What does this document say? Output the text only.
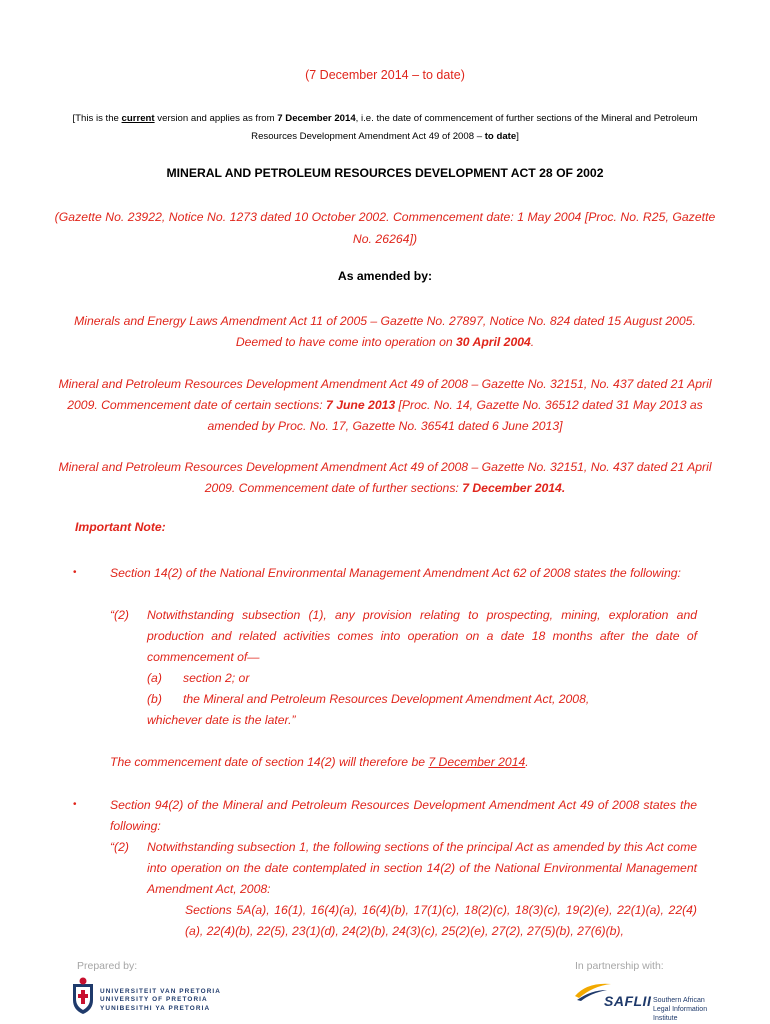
(7 December 2014 – to date)
[This is the current version and applies as from 7 December 2014, i.e. the date of commencement of further sections of the Mineral and Petroleum Resources Development Amendment Act 49 of 2008 – to date]
MINERAL AND PETROLEUM RESOURCES DEVELOPMENT ACT 28 OF 2002
(Gazette No. 23922, Notice No. 1273 dated 10 October 2002. Commencement date: 1 May 2004 [Proc. No. R25, Gazette No. 26264])
As amended by:
Minerals and Energy Laws Amendment Act 11 of 2005 – Gazette No. 27897, Notice No. 824 dated 15 August 2005. Deemed to have come into operation on 30 April 2004.
Mineral and Petroleum Resources Development Amendment Act 49 of 2008 – Gazette No. 32151, No. 437 dated 21 April 2009. Commencement date of certain sections: 7 June 2013 [Proc. No. 14, Gazette No. 36512 dated 31 May 2013 as amended by Proc. No. 17, Gazette No. 36541 dated 6 June 2013]
Mineral and Petroleum Resources Development Amendment Act 49 of 2008 – Gazette No. 32151, No. 437 dated 21 April 2009. Commencement date of further sections: 7 December 2014.
Important Note:
•	Section 14(2) of the National Environmental Management Amendment Act 62 of 2008 states the following:
“(2) Notwithstanding subsection (1), any provision relating to prospecting, mining, exploration and production and related activities comes into operation on a date 18 months after the date of commencement of—
(a) section 2; or
(b) the Mineral and Petroleum Resources Development Amendment Act, 2008,
whichever date is the later.”
The commencement date of section 14(2) will therefore be 7 December 2014.
•	Section 94(2) of the Mineral and Petroleum Resources Development Amendment Act 49 of 2008 states the following:
“(2) Notwithstanding subsection 1, the following sections of the principal Act as amended by this Act come into operation on the date contemplated in section 14(2) of the National Environmental Management Amendment Act, 2008:
Sections 5A(a), 16(1), 16(4)(a), 16(4)(b), 17(1)(c), 18(2)(c), 18(3)(c), 19(2)(e), 22(1)(a), 22(4)(a), 22(4)(b), 22(5), 23(1)(d), 24(2)(b), 24(3)(c), 25(2)(e), 27(2), 27(5)(b), 27(6)(b),
Prepared by:	In partnership with:
UNIVERSITEIT VAN PRETORIA
UNIVERSITY OF PRETORIA
YUNIBESITHI YA PRETORIA	SAFLII Southern African
Legal Information Institute
